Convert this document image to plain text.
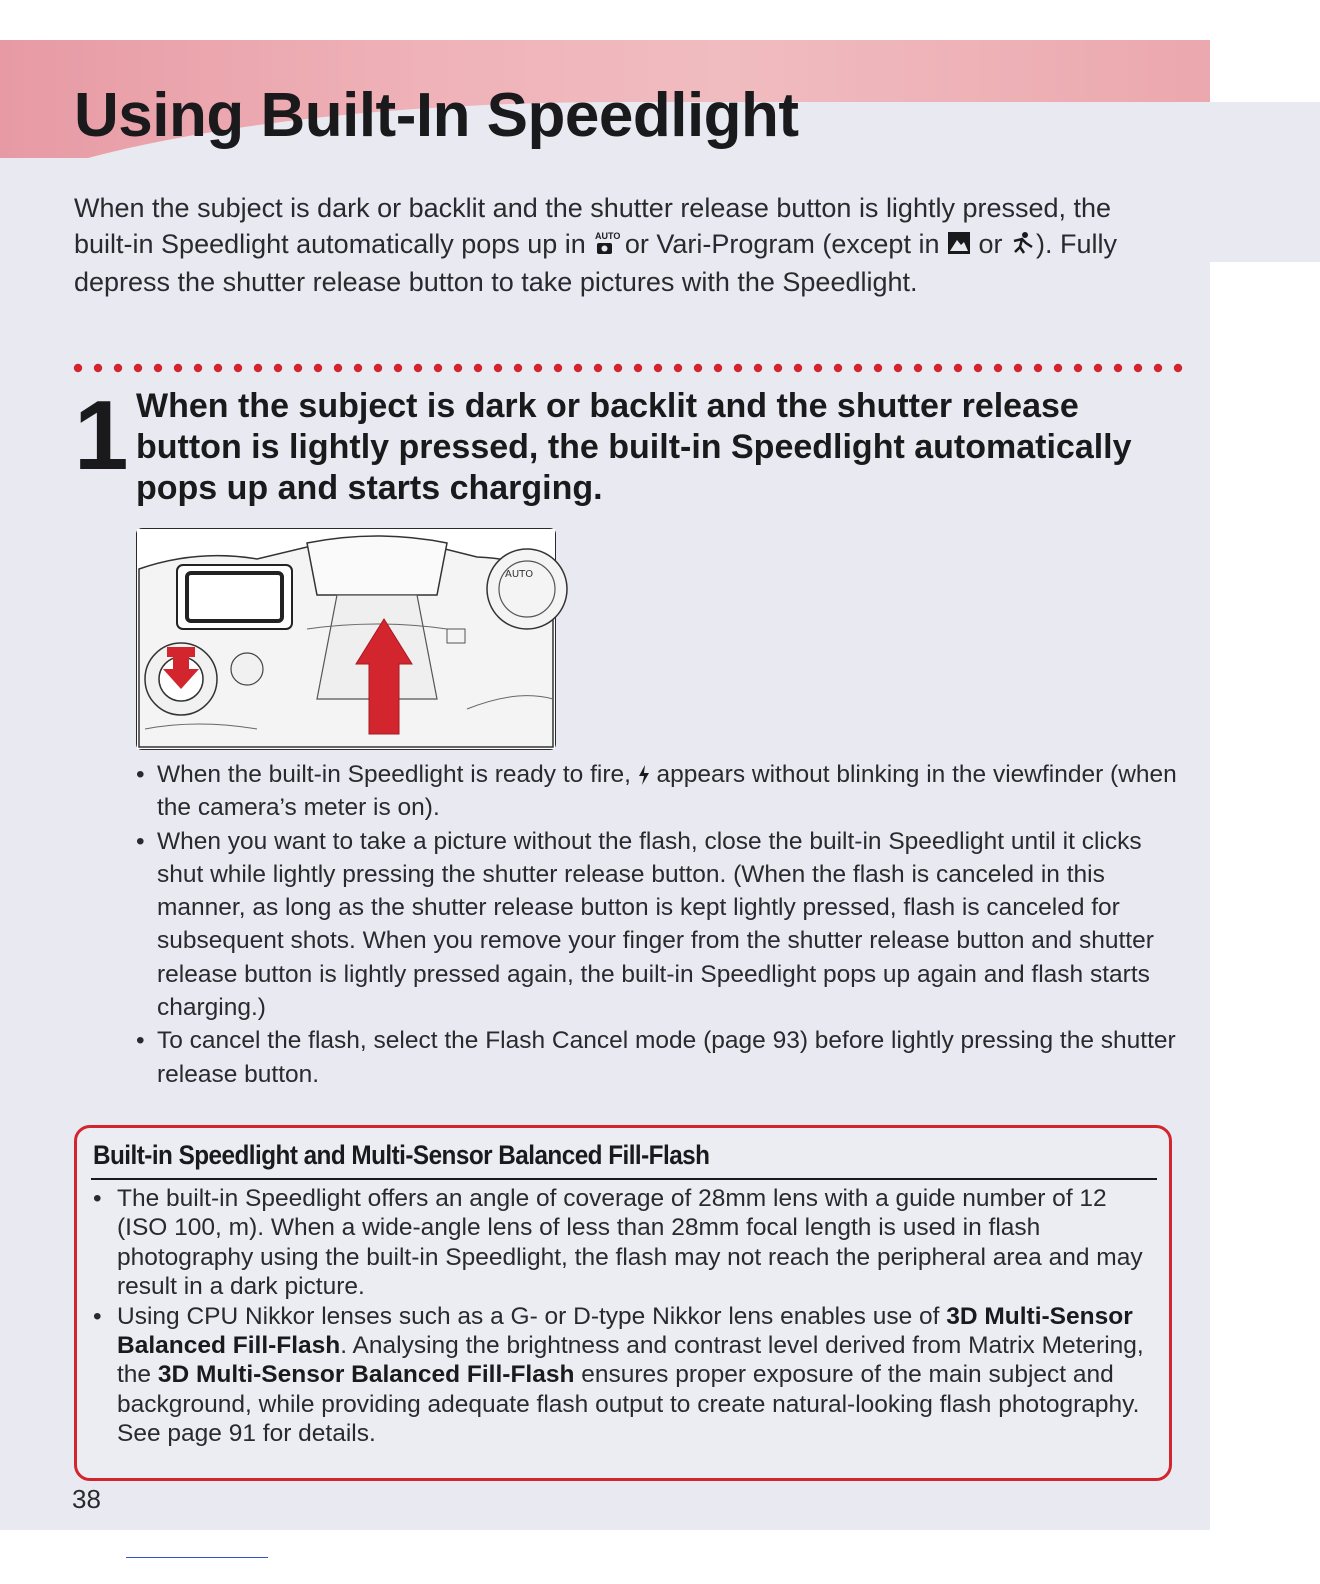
Using Built-In Speedlight

When the subject is dark or backlit and the shutter release button is lightly pressed, the built-in Speedlight automatically pops up in AUTO or Vari-Program (except in or ). Fully depress the shutter release button to take pictures with the Speedlight.

1 When the subject is dark or backlit and the shutter release button is lightly pressed, the built-in Speedlight automatically pops up and starts charging.

AUTO
• When the built-in Speedlight is ready to fire, appears without blinking in the viewfinder (when the camera’s meter is on).
• When you want to take a picture without the flash, close the built-in Speedlight until it clicks shut while lightly pressing the shutter release button. (When the flash is canceled in this manner, as long as the shutter release button is kept lightly pressed, flash is canceled for subsequent shots. When you remove your finger from the shutter release button and shutter release button is lightly pressed again, the built-in Speedlight pops up again and flash starts charging.)
• To cancel the flash, select the Flash Cancel mode (page 93) before lightly pressing the shutter release button.
Built-in Speedlight and Multi-Sensor Balanced Fill-Flash
• The built-in Speedlight offers an angle of coverage of 28mm lens with a guide number of 12 (ISO 100, m). When a wide-angle lens of less than 28mm focal length is used in flash photography using the built-in Speedlight, the flash may not reach the peripheral area and may result in a dark picture.
• Using CPU Nikkor lenses such as a G- or D-type Nikkor lens enables use of 3D Multi-Sensor Balanced Fill-Flash. Analysing the brightness and contrast level derived from Matrix Metering, the 3D Multi-Sensor Balanced Fill-Flash ensures proper exposure of the main subject and background, while providing adequate flash output to create natural-looking flash photography. See page 91 for details.
38
